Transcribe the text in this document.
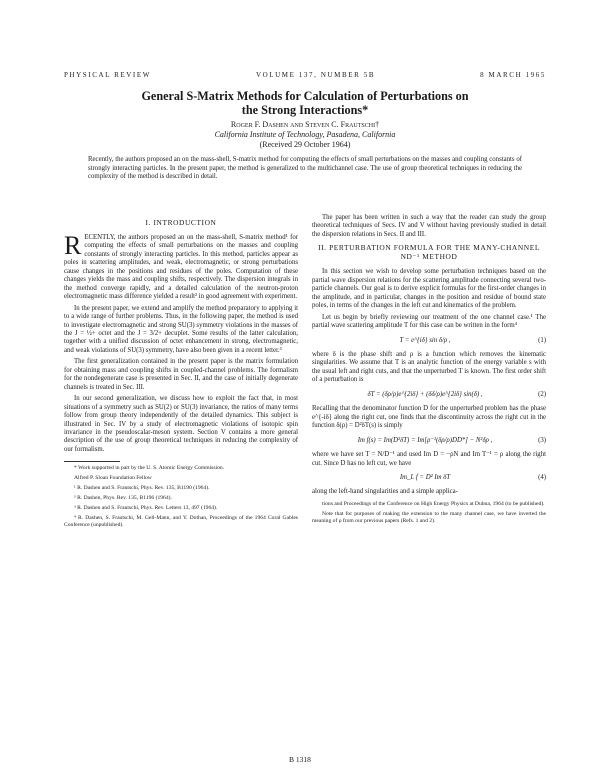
PHYSICAL REVIEW	VOLUME 137, NUMBER 5B	8 MARCH 1965
General S-Matrix Methods for Calculation of Perturbations on
the Strong Interactions*
Roger F. Dashen and Steven C. Frautschi†
California Institute of Technology, Pasadena, California
(Received 29 October 1964)
Recently, the authors proposed an on the mass-shell, S-matrix method for computing the effects of small perturbations on the masses and coupling constants of strongly interacting particles. In the present paper, the method is generalized to the multichannel case. The use of group theoretical techniques in reducing the complexity of the method is described in detail.
I. INTRODUCTION

RECENTLY, the authors proposed an on the mass-shell, S-matrix method¹ for computing the effects of small perturbations on the masses and coupling constants of strongly interacting particles. In this method, particles appear as poles in scattering amplitudes, and weak, electromagnetic, or strong perturbations cause changes in the positions and residues of the poles. Computation of these changes yields the mass and coupling shifts, respectively. The dispersion integrals in the method converge rapidly, and a detailed calculation of the neutron-proton electromagnetic mass difference yielded a result² in good agreement with experiment.

In the present paper, we extend and amplify the method preparatory to applying it to a wide range of further problems. Thus, in the following paper, the method is used to investigate electromagnetic and strong SU(3) symmetry violations in the masses of the J = ½+ octet and the J = 3/2+ decuplet. Some results of the latter calculation, together with a unified discussion of octet enhancement in strong, electromagnetic, and weak violations of SU(3) symmetry, have also been given in a recent letter.³

The first generalization contained in the present paper is the matrix formulation for obtaining mass and coupling shifts in coupled-channel problems. The formalism for the nondegenerate case is presented in Sec. II, and the case of initially degenerate channels is treated in Sec. III.

In our second generalization, we discuss how to exploit the fact that, in most situations of a symmetry such as SU(2) or SU(3) invariance, the ratios of many terms follow from group theory independently of the detailed dynamics. This subject is illustrated in Sec. IV by a study of electromagnetic violations of isotopic spin invariance in the pseudoscalar-meson system. Section V contains a more general description of the use of group theoretical techniques in reducing the complexity of our formalism.

* Work supported in part by the U. S. Atomic Energy Commission.

Alfred P. Sloan Foundation Fellow

¹ R. Dashen and S. Frautschi, Phys. Rev. 135, B1190 (1964).

² R. Dashen, Phys. Rev. 135, B1196 (1964).

³ R. Dashen and S. Frautschi, Phys. Rev. Letters 13, 497 (1964).

⁴ R. Dashen, S. Frautschi, M. Gell-Mann, and Y. Dothan, Proceedings of the 1964 Coral Gables Conference (unpublished).

The paper has been written in such a way that the reader can study the group theoretical techniques of Secs. IV and V without having previously studied in detail the dispersion relations in Secs. II and III.

II. PERTURBATION FORMULA FOR THE MANY-CHANNEL ND⁻¹ METHOD

In this section we wish to develop some perturbation techniques based on the partial wave dispersion relations for the scattering amplitude connecting several two-particle channels. Our goal is to derive explicit formulas for the first-order changes in the amplitude, and in particular, changes in the position and residue of bound state poles, in terms of the changes in the left cut and kinematics of the problem.

Let us begin by briefly reviewing our treatment of the one channel case.¹ The partial wave scattering amplitude T for this case can be written in the form⁴

T = e^{iδ} sin δ/ρ ,	(1)

where δ is the phase shift and ρ is a function which removes the kinematic singularities. We assume that T is an analytic function of the energy variable s with the usual left and right cuts, and that the unperturbed T is known. The first order shift of a perturbation is

δT = (δρ/ρ)e^{2iδ} + (δδ/ρ)e^{2iδ} sin(δ) ,	(2)

Recalling that the denominator function D for the unperturbed problem has the phase e^{-iδ} along the right cut, one finds that the discontinuity across the right cut in the function δ(ρ) = D²δT(s) is simply

Im f(s) = Im(D²δT) = Im[ρ⁻¹(δρ/ρ)DD*] − N²δρ ,	(3)

where we have set T = N/D⁻¹ and used Im D = −ρN and Im T⁻¹ = ρ along the right cut. Since D has no left cut, we have

Im_L f = D² Im δT	(4)

along the left-hand singularities and a simple applica-

tions and Proceedings of the Conference on High Energy Physics at Dubna, 1964 (to be published).

Note that for purposes of making the extension to the many channel case, we have inverted the meaning of ρ from our previous papers (Refs. 1 and 2).

B 1318
